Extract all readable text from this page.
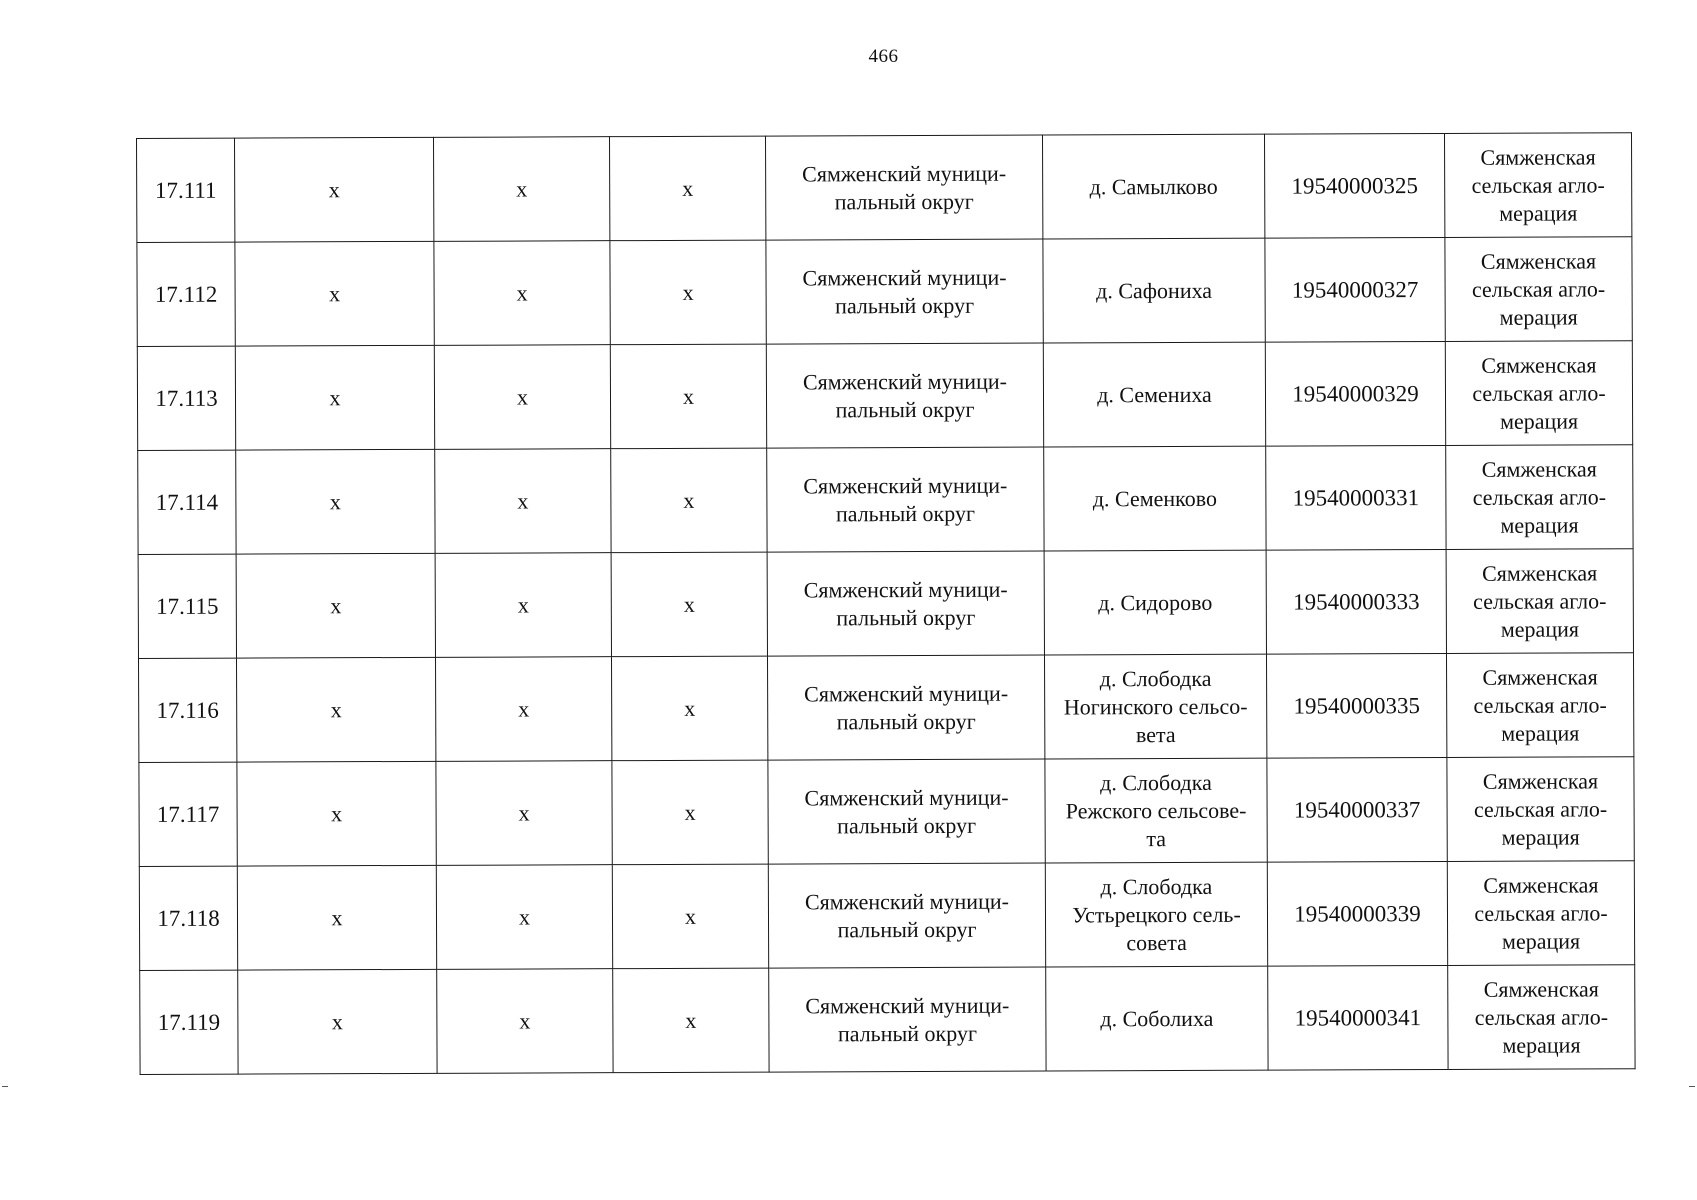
466
17.111	x	x	x	Сямженский муници-
пальный округ	д. Самылково	19540000325	Сямженская
сельская агло-
мерация

17.112	x	x	x	Сямженский муници-
пальный округ	д. Сафониха	19540000327	Сямженская
сельская агло-
мерация

17.113	x	x	x	Сямженский муници-
пальный округ	д. Семениха	19540000329	Сямженская
сельская агло-
мерация

17.114	x	x	x	Сямженский муници-
пальный округ	д. Семенково	19540000331	Сямженская
сельская агло-
мерация

17.115	x	x	x	Сямженский муници-
пальный округ	д. Сидорово	19540000333	Сямженская
сельская агло-
мерация

17.116	x	x	x	Сямженский муници-
пальный округ	д. Слободка
Ногинского сельсо-
вета	19540000335	Сямженская
сельская агло-
мерация

17.117	x	x	x	Сямженский муници-
пальный округ	д. Слободка
Режского сельсове-
та	19540000337	Сямженская
сельская агло-
мерация

17.118	x	x	x	Сямженский муници-
пальный округ	д. Слободка
Устьрецкого сель-
совета	19540000339	Сямженская
сельская агло-
мерация

17.119	x	x	x	Сямженский муници-
пальный округ	д. Соболиха	19540000341	Сямженская
сельская агло-
мерация
